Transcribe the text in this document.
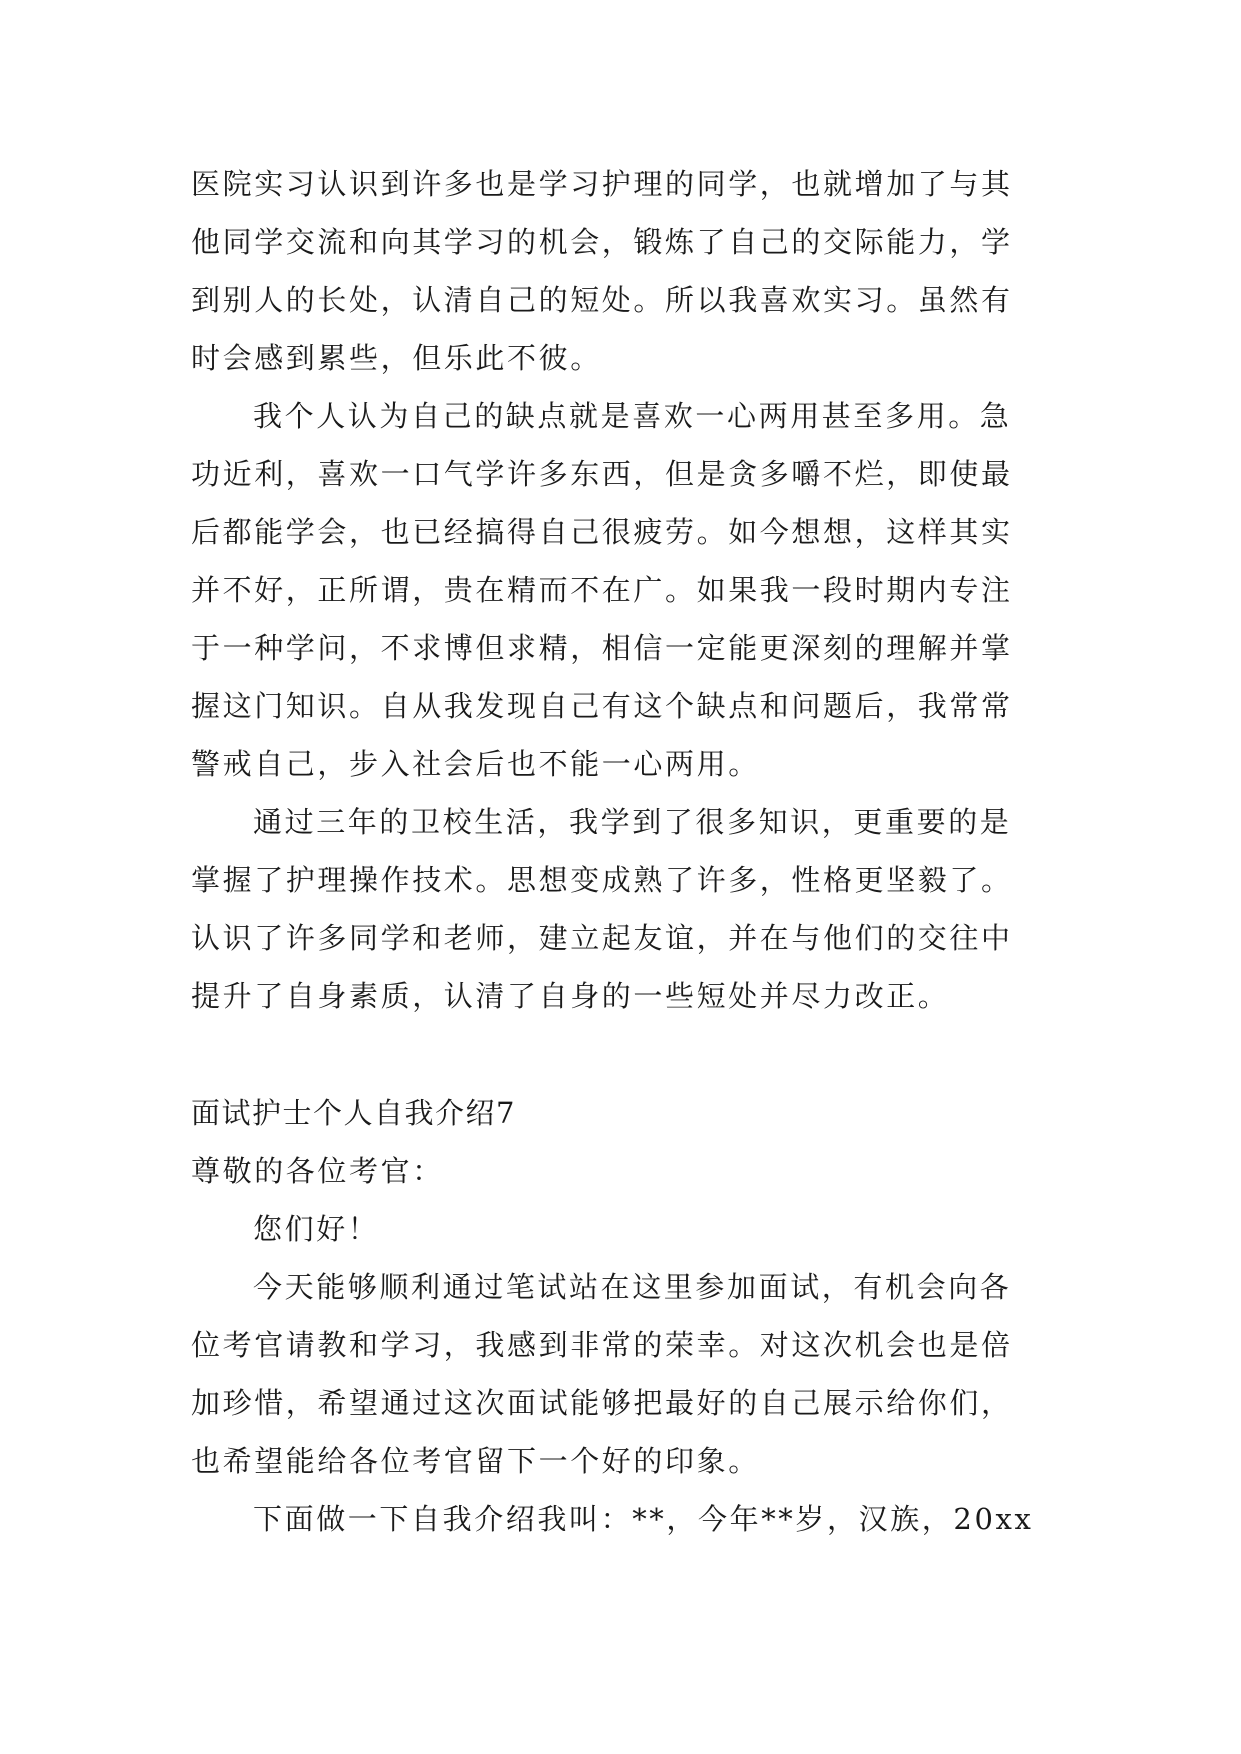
医院实习认识到许多也是学习护理的同学，也就增加了与其
他同学交流和向其学习的机会，锻炼了自己的交际能力，学
到别人的长处，认清自己的短处。所以我喜欢实习。虽然有
时会感到累些，但乐此不彼。
我个人认为自己的缺点就是喜欢一心两用甚至多用。急
功近利，喜欢一口气学许多东西，但是贪多嚼不烂，即使最
后都能学会，也已经搞得自己很疲劳。如今想想，这样其实
并不好，正所谓，贵在精而不在广。如果我一段时期内专注
于一种学问，不求博但求精，相信一定能更深刻的理解并掌
握这门知识。自从我发现自己有这个缺点和问题后，我常常
警戒自己，步入社会后也不能一心两用。
通过三年的卫校生活，我学到了很多知识，更重要的是
掌握了护理操作技术。思想变成熟了许多，性格更坚毅了。
认识了许多同学和老师，建立起友谊，并在与他们的交往中
提升了自身素质，认清了自身的一些短处并尽力改正。
面试护士个人自我介绍7
尊敬的各位考官：
您们好！
今天能够顺利通过笔试站在这里参加面试，有机会向各
位考官请教和学习，我感到非常的荣幸。对这次机会也是倍
加珍惜，希望通过这次面试能够把最好的自己展示给你们，
也希望能给各位考官留下一个好的印象。
下面做一下自我介绍我叫：**，今年**岁，汉族，20xx
